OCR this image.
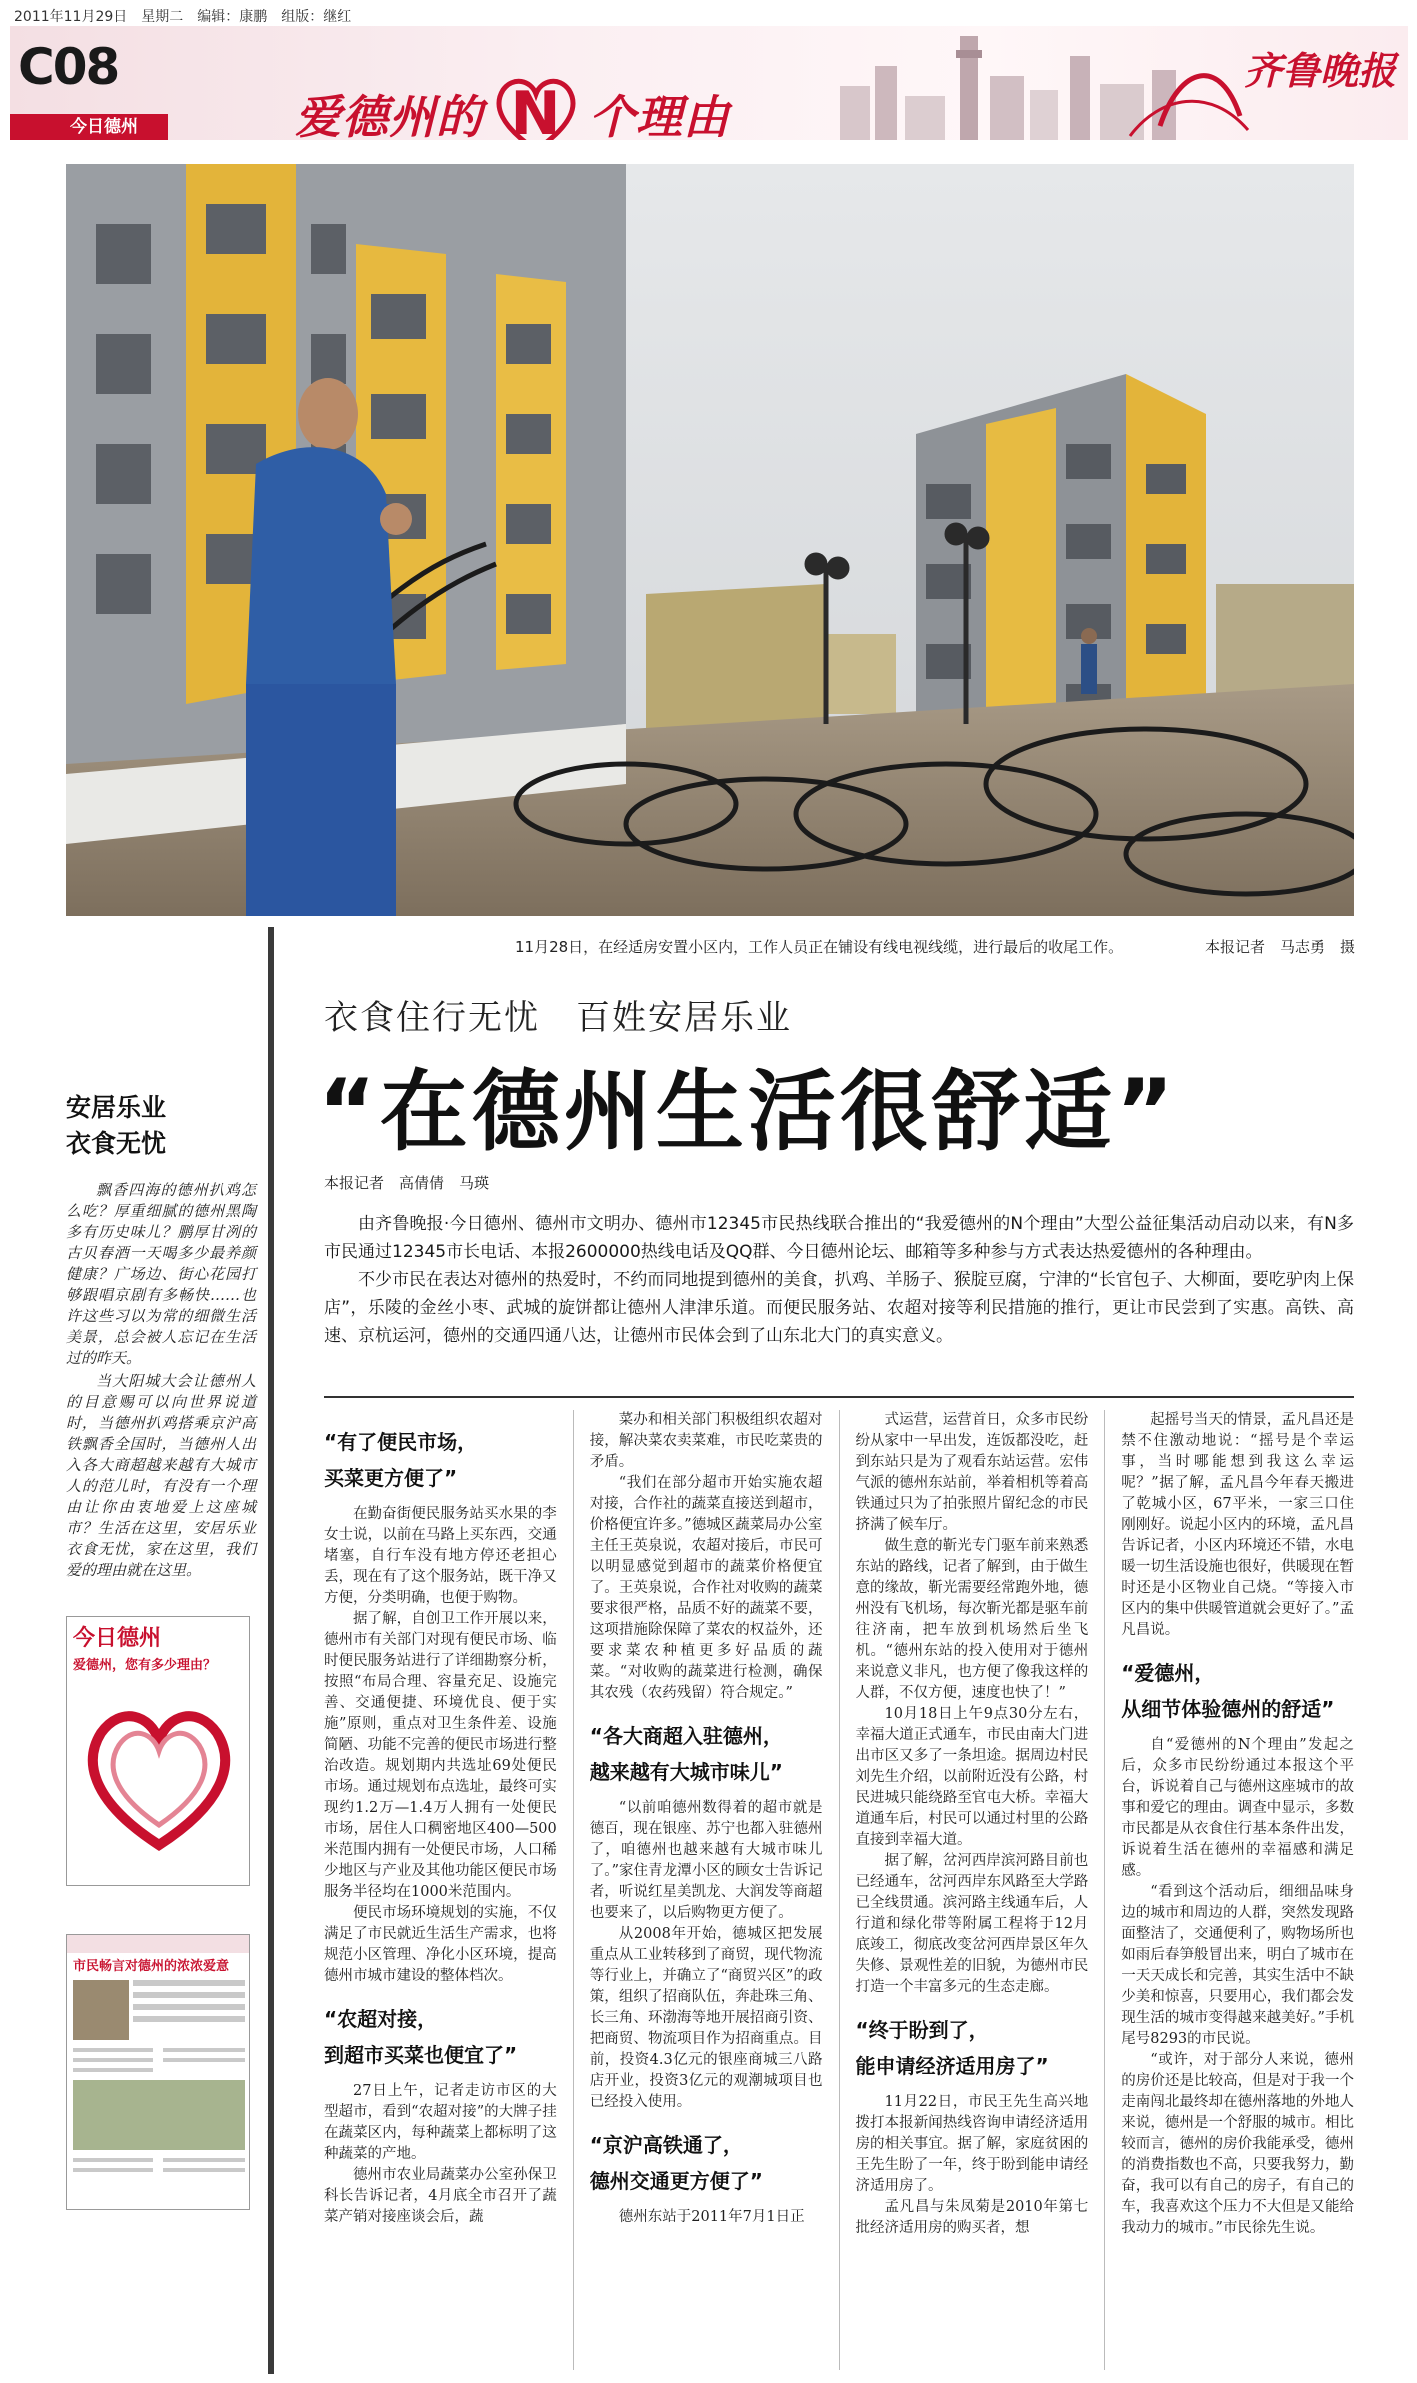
2011年11月29日 星期二 编辑：康鹏 组版：继红
C08
今日德州	爱德州的 N 个理由
齐鲁晚报
11月28日，在经适房安置小区内，工作人员正在铺设有线电视线缆，进行最后的收尾工作。	本报记者　马志勇　摄
安居乐业
衣食无忧

飘香四海的德州扒鸡怎么吃？厚重细腻的德州黑陶多有历史味儿？鹏厚甘冽的古贝春酒一天喝多少最养颜健康？广场边、街心花园打够跟唱京剧有多畅快……也许这些习以为常的细微生活美景，总会被人忘记在生活过的昨天。

当大阳城大会让德州人的目意赐可以向世界说道时，当德州扒鸡搭乘京沪高铁飘香全国时，当德州人出入各大商超越来越有大城市人的范儿时，有没有一个理由让你由衷地爱上这座城市？生活在这里，安居乐业衣食无忧，家在这里，我们爱的理由就在这里。

今日德州
爱德州，您有多少理由？
市民畅言对德州的浓浓爱意
衣食住行无忧　百姓安居乐业
“在德州生活很舒适”
本报记者　高倩倩　马瑛

由齐鲁晚报·今日德州、德州市文明办、德州市12345市民热线联合推出的“我爱德州的N个理由”大型公益征集活动启动以来，有N多市民通过12345市长电话、本报2600000热线电话及QQ群、今日德州论坛、邮箱等多种参与方式表达热爱德州的各种理由。

不少市民在表达对德州的热爱时，不约而同地提到德州的美食，扒鸡、羊肠子、猴腚豆腐，宁津的“长官包子、大柳面，要吃驴肉上保店”，乐陵的金丝小枣、武城的旋饼都让德州人津津乐道。而便民服务站、农超对接等利民措施的推行，更让市民尝到了实惠。高铁、高速、京杭运河，德州的交通四通八达，让德州市民体会到了山东北大门的真实意义。

“有了便民市场，
买菜更方便了”

在勤奋街便民服务站买水果的李女士说，以前在马路上买东西，交通堵塞，自行车没有地方停还老担心丢，现在有了这个服务站，既干净又方便，分类明确，也便于购物。

据了解，自创卫工作开展以来，德州市有关部门对现有便民市场、临时便民服务站进行了详细勘察分析，按照“布局合理、容量充足、设施完善、交通便捷、环境优良、便于实施”原则，重点对卫生条件差、设施简陋、功能不完善的便民市场进行整治改造。规划期内共选址69处便民市场。通过规划布点选址，最终可实现约1.2万—1.4万人拥有一处便民市场，居住人口稠密地区400—500米范围内拥有一处便民市场，人口稀少地区与产业及其他功能区便民市场服务半径均在1000米范围内。

便民市场环境规划的实施，不仅满足了市民就近生活生产需求，也将规范小区管理、净化小区环境，提高德州市城市建设的整体档次。

“农超对接，
到超市买菜也便宜了”

27日上午，记者走访市区的大型超市，看到“农超对接”的大牌子挂在蔬菜区内，每种蔬菜上都标明了这种蔬菜的产地。

德州市农业局蔬菜办公室孙保卫科长告诉记者，4月底全市召开了蔬菜产销对接座谈会后，蔬

菜办和相关部门积极组织农超对接，解决菜农卖菜难，市民吃菜贵的矛盾。

“我们在部分超市开始实施农超对接，合作社的蔬菜直接送到超市，价格便宜许多。”德城区蔬菜局办公室主任王英泉说，农超对接后，市民可以明显感觉到超市的蔬菜价格便宜了。王英泉说，合作社对收购的蔬菜要求很严格，品质不好的蔬菜不要，这项措施除保障了菜农的权益外，还要求菜农种植更多好品质的蔬菜。“对收购的蔬菜进行检测，确保其农残（农药残留）符合规定。”

“各大商超入驻德州，
越来越有大城市味儿”

“以前咱德州数得着的超市就是德百，现在银座、苏宁也都入驻德州了，咱德州也越来越有大城市味儿了。”家住青龙潭小区的顾女士告诉记者，听说红星美凯龙、大润发等商超也要来了，以后购物更方便了。

从2008年开始，德城区把发展重点从工业转移到了商贸，现代物流等行业上，并确立了“商贸兴区”的政策，组织了招商队伍，奔赴珠三角、长三角、环渤海等地开展招商引资、把商贸、物流项目作为招商重点。目前，投资4.3亿元的银座商城三八路店开业，投资3亿元的观潮城项目也已经投入使用。

“京沪高铁通了，
德州交通更方便了”

德州东站于2011年7月1日正

式运营，运营首日，众多市民纷纷从家中一早出发，连饭都没吃，赶到东站只是为了观看东站运营。宏伟气派的德州东站前，举着相机等着高铁通过只为了拍张照片留纪念的市民挤满了候车厅。

做生意的靳光专门驱车前来熟悉东站的路线，记者了解到，由于做生意的缘故，靳光需要经常跑外地，德州没有飞机场，每次靳光都是驱车前往济南，把车放到机场然后坐飞机。“德州东站的投入使用对于德州来说意义非凡，也方便了像我这样的人群，不仅方便，速度也快了！”

10月18日上午9点30分左右，幸福大道正式通车，市民由南大门进出市区又多了一条坦途。据周边村民刘先生介绍，以前附近没有公路，村民进城只能绕路至官屯大桥。幸福大道通车后，村民可以通过村里的公路直接到幸福大道。

据了解，岔河西岸滨河路目前也已经通车，岔河西岸东风路至大学路已全线贯通。滨河路主线通车后，人行道和绿化带等附属工程将于12月底竣工，彻底改变岔河西岸景区年久失修、景观性差的旧貌，为德州市民打造一个丰富多元的生态走廊。

“终于盼到了，
能申请经济适用房了”

11月22日，市民王先生高兴地拨打本报新闻热线咨询申请经济适用房的相关事宜。据了解，家庭贫困的王先生盼了一年，终于盼到能申请经济适用房了。

孟凡昌与朱凤菊是2010年第七批经济适用房的购买者，想

起摇号当天的情景，孟凡昌还是禁不住激动地说：“摇号是个幸运事，当时哪能想到我这么幸运呢？”据了解，孟凡昌今年春天搬进了乾城小区，67平米，一家三口住刚刚好。说起小区内的环境，孟凡昌告诉记者，小区内环境还不错，水电暖一切生活设施也很好，供暖现在暂时还是小区物业自己烧。“等接入市区内的集中供暖管道就会更好了。”孟凡昌说。

“爱德州，
从细节体验德州的舒适”

自“爱德州的N个理由”发起之后，众多市民纷纷通过本报这个平台，诉说着自己与德州这座城市的故事和爱它的理由。调查中显示，多数市民都是从衣食住行基本条件出发，诉说着生活在德州的幸福感和满足感。

“看到这个活动后，细细品味身边的城市和周边的人群，突然发现路面整洁了，交通便利了，购物场所也如雨后春笋般冒出来，明白了城市在一天天成长和完善，其实生活中不缺少美和惊喜，只要用心，我们都会发现生活的城市变得越来越美好。”手机尾号8293的市民说。

“或许，对于部分人来说，德州的房价还是比较高，但是对于我一个走南闯北最终却在德州落地的外地人来说，德州是一个舒服的城市。相比较而言，德州的房价我能承受，德州的消费指数也不高，只要我努力，勤奋，我可以有自己的房子，有自己的车，我喜欢这个压力不大但是又能给我动力的城市。”市民徐先生说。
